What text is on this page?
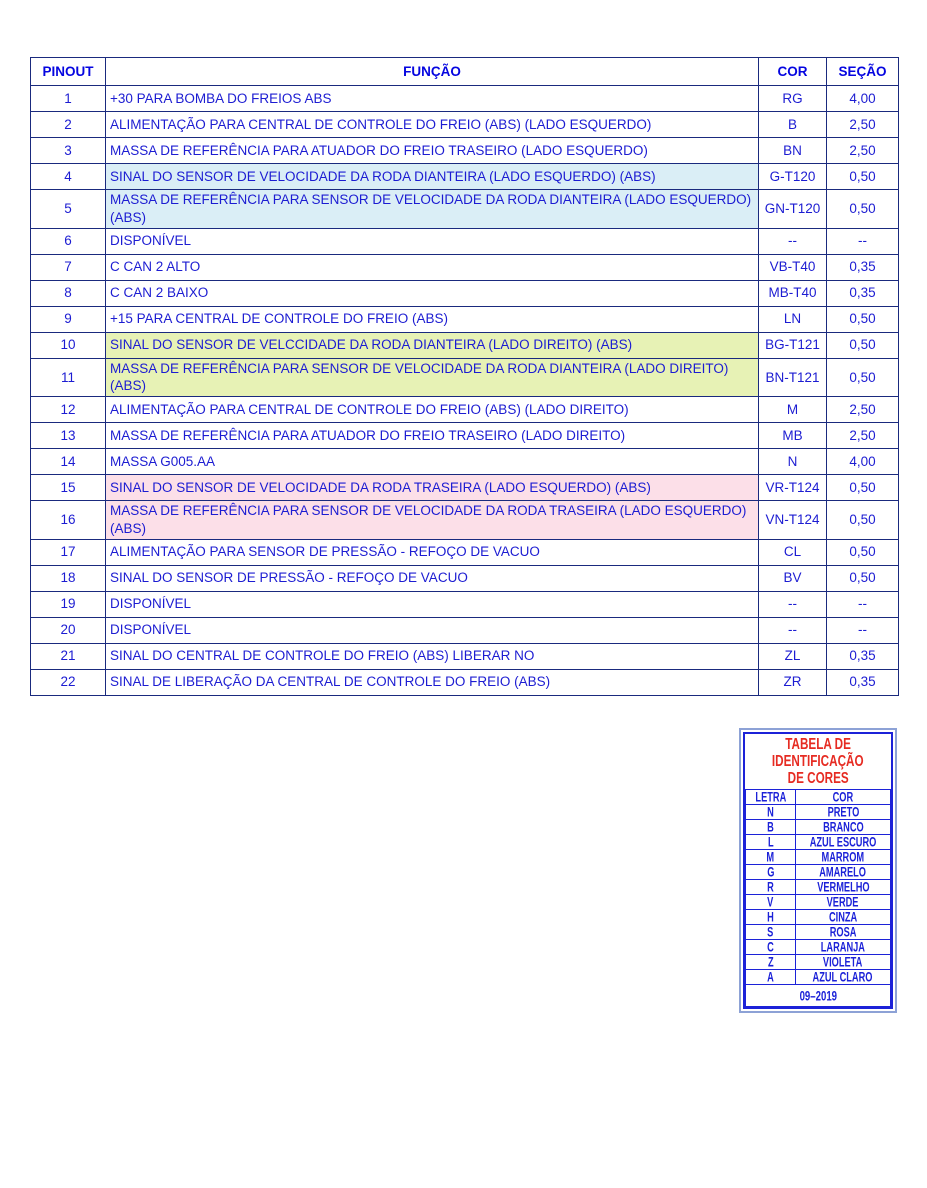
PINOUT	FUNÇÃO	COR	SEÇÃO
1	+30 PARA BOMBA DO FREIOS ABS	RG	4,00
2	ALIMENTAÇÃO PARA CENTRAL DE CONTROLE DO FREIO (ABS) (LADO ESQUERDO)	B	2,50
3	MASSA DE REFERÊNCIA PARA ATUADOR DO FREIO TRASEIRO (LADO ESQUERDO)	BN	2,50
4	SINAL DO SENSOR DE VELOCIDADE DA RODA DIANTEIRA (LADO ESQUERDO) (ABS)	G-T120	0,50
5	MASSA DE REFERÊNCIA PARA SENSOR DE VELOCIDADE DA RODA DIANTEIRA (LADO ESQUERDO) (ABS)	GN-T120	0,50
6	DISPONÍVEL	--	--
7	C CAN 2 ALTO	VB-T40	0,35
8	C CAN 2 BAIXO	MB-T40	0,35
9	+15 PARA CENTRAL DE CONTROLE DO FREIO (ABS)	LN	0,50
10	SINAL DO SENSOR DE VELCCIDADE DA RODA DIANTEIRA (LADO DIREITO) (ABS)	BG-T121	0,50
11	MASSA DE REFERÊNCIA PARA SENSOR DE VELOCIDADE DA RODA DIANTEIRA (LADO DIREITO) (ABS)	BN-T121	0,50
12	ALIMENTAÇÃO PARA CENTRAL DE CONTROLE DO FREIO (ABS) (LADO DIREITO)	M	2,50
13	MASSA DE REFERÊNCIA PARA ATUADOR DO FREIO TRASEIRO (LADO DIREITO)	MB	2,50
14	MASSA G005.AA	N	4,00
15	SINAL DO SENSOR DE VELOCIDADE DA RODA TRASEIRA (LADO ESQUERDO) (ABS)	VR-T124	0,50
16	MASSA DE REFERÊNCIA PARA SENSOR DE VELOCIDADE DA RODA TRASEIRA (LADO ESQUERDO) (ABS)	VN-T124	0,50
17	ALIMENTAÇÃO PARA SENSOR DE PRESSÃO - REFOÇO DE VACUO	CL	0,50
18	SINAL DO SENSOR DE PRESSÃO - REFOÇO DE VACUO	BV	0,50
19	DISPONÍVEL	--	--
20	DISPONÍVEL	--	--
21	SINAL DO CENTRAL DE CONTROLE DO FREIO (ABS) LIBERAR NO	ZL	0,35
22	SINAL DE LIBERAÇÃO DA CENTRAL DE CONTROLE DO FREIO (ABS)	ZR	0,35
TABELA DE
IDENTIFICAÇÃO
DE CORES
LETRA	COR
N	PRETO
B	BRANCO
L	AZUL ESCURO
M	MARROM
G	AMARELO
R	VERMELHO
V	VERDE
H	CINZA
S	ROSA
C	LARANJA
Z	VIOLETA
A	AZUL CLARO
09–2019	
